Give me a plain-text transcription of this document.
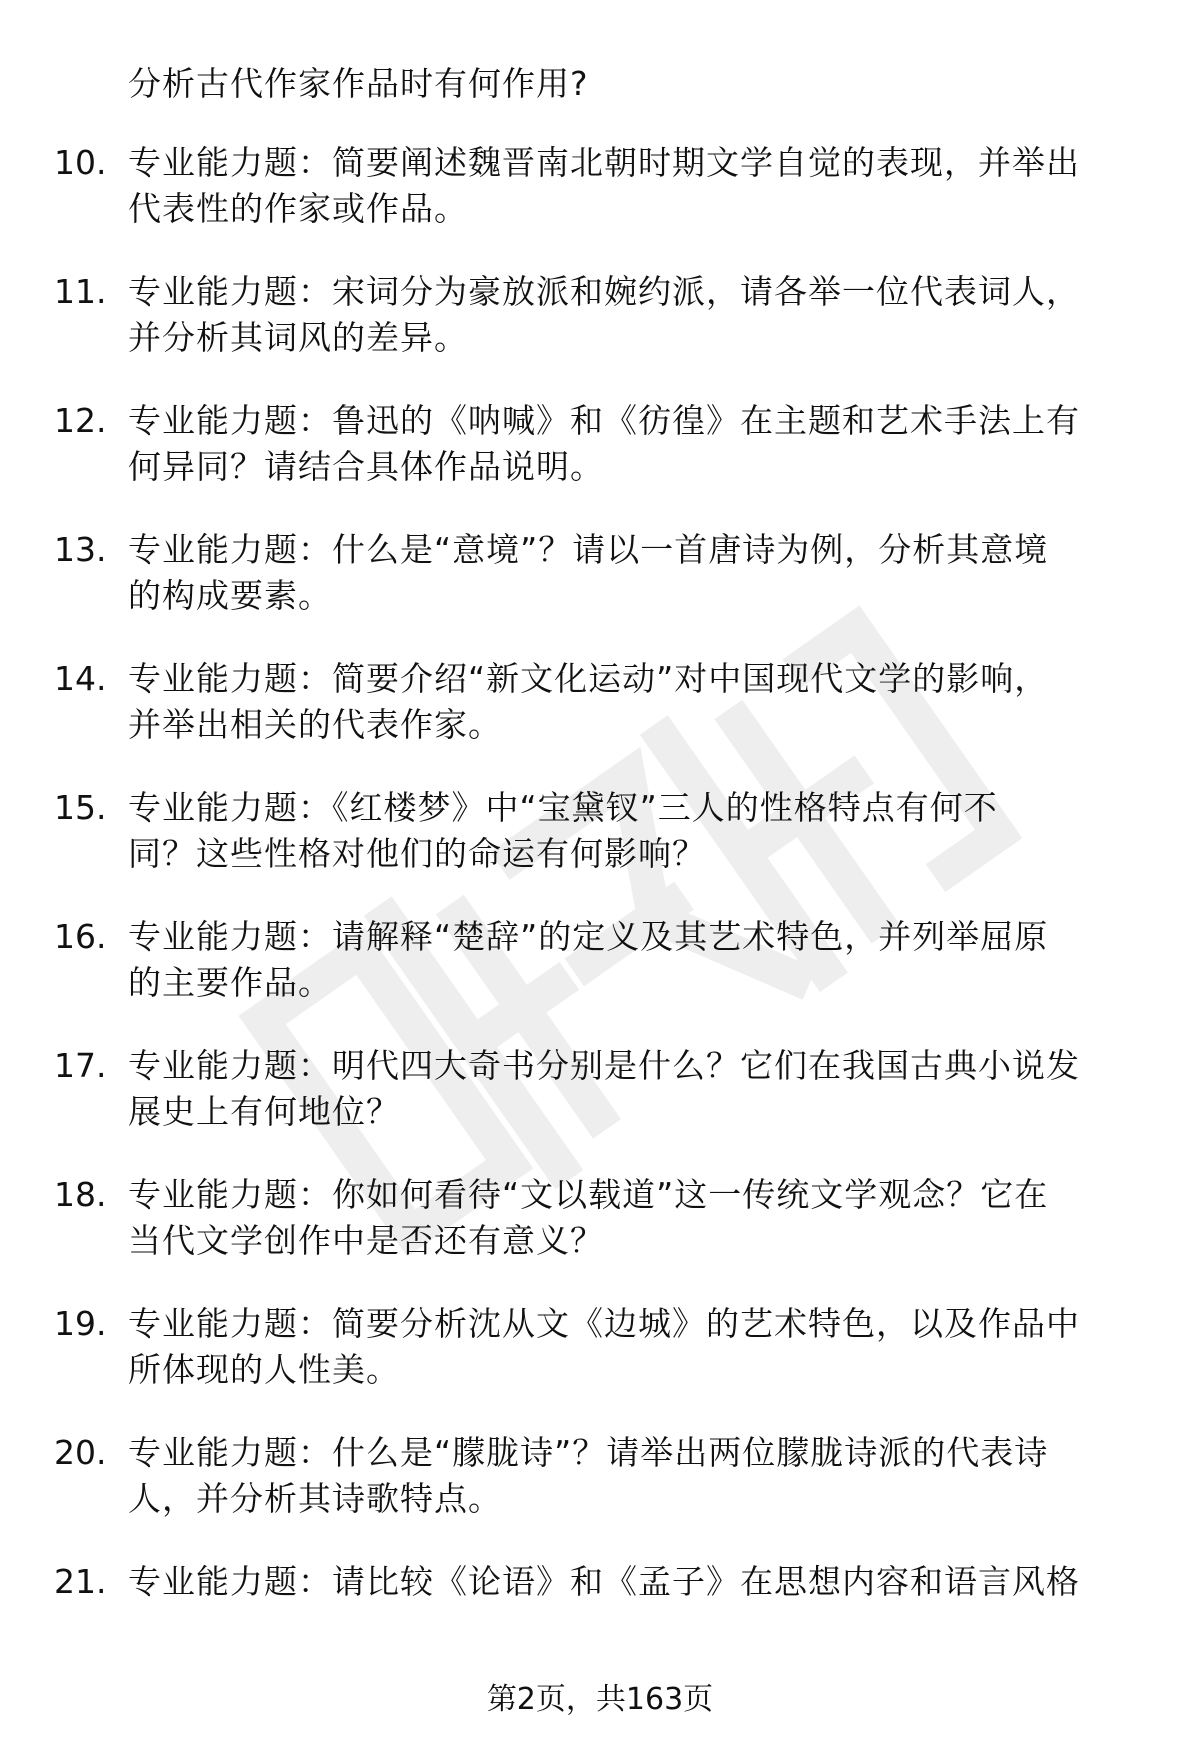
分析古代作家作品时有何作用?
10. 专业能力题：简要阐述魏晋南北朝时期文学自觉的表现，并举出
代表性的作家或作品。
11. 专业能力题：宋词分为豪放派和婉约派，请各举一位代表词人，
并分析其词风的差异。
12. 专业能力题：鲁迅的《呐喊》和《彷徨》在主题和艺术手法上有
何异同？请结合具体作品说明。
13. 专业能力题：什么是“意境”？请以一首唐诗为例，分析其意境
的构成要素。
14. 专业能力题：简要介绍“新文化运动”对中国现代文学的影响，
并举出相关的代表作家。
15. 专业能力题：《红楼梦》中“宝黛钗”三人的性格特点有何不
同？这些性格对他们的命运有何影响？
16. 专业能力题：请解释“楚辞”的定义及其艺术特色，并列举屈原
的主要作品。
17. 专业能力题：明代四大奇书分别是什么？它们在我国古典小说发
展史上有何地位？
18. 专业能力题：你如何看待“文以载道”这一传统文学观念？它在
当代文学创作中是否还有意义？
19. 专业能力题：简要分析沈从文《边城》的艺术特色，以及作品中
所体现的人性美。
20. 专业能力题：什么是“朦胧诗”？请举出两位朦胧诗派的代表诗
人，并分析其诗歌特点。
21. 专业能力题：请比较《论语》和《孟子》在思想内容和语言风格
第2页，共163页
